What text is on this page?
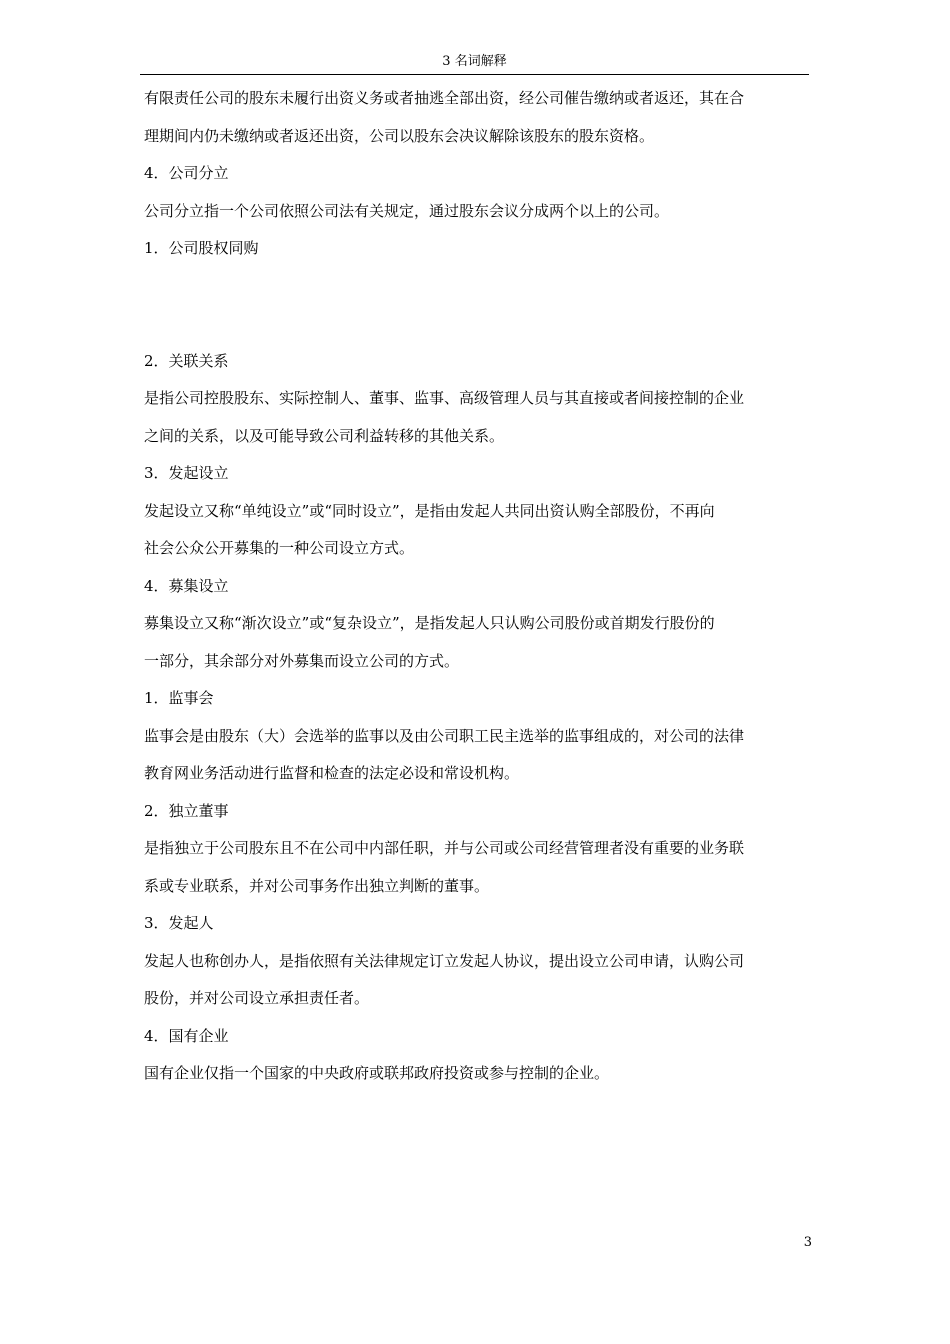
3 名词解释
有限责任公司的股东未履行出资义务或者抽逃全部出资，经公司催告缴纳或者返还，其在合
理期间内仍未缴纳或者返还出资，公司以股东会决议解除该股东的股东资格。
4．公司分立
公司分立指一个公司依照公司法有关规定，通过股东会议分成两个以上的公司。
1．公司股权同购
2．关联关系
是指公司控股股东、实际控制人、董事、监事、高级管理人员与其直接或者间接控制的企业
之间的关系，以及可能导致公司利益转移的其他关系。
3．发起设立
发起设立又称“单纯设立”或“同时设立”，是指由发起人共同出资认购全部股份，不再向
社会公众公开募集的一种公司设立方式。
4．募集设立
募集设立又称“渐次设立”或“复杂设立”，是指发起人只认购公司股份或首期发行股份的
一部分，其余部分对外募集而设立公司的方式。
1．监事会
监事会是由股东（大）会选举的监事以及由公司职工民主选举的监事组成的，对公司的法律
教育网业务活动进行监督和检查的法定必设和常设机构。
2．独立董事
是指独立于公司股东且不在公司中内部任职，并与公司或公司经营管理者没有重要的业务联
系或专业联系，并对公司事务作出独立判断的董事。
3．发起人
发起人也称创办人，是指依照有关法律规定订立发起人协议，提出设立公司申请，认购公司
股份，并对公司设立承担责任者。
4．国有企业
国有企业仅指一个国家的中央政府或联邦政府投资或参与控制的企业。
3
